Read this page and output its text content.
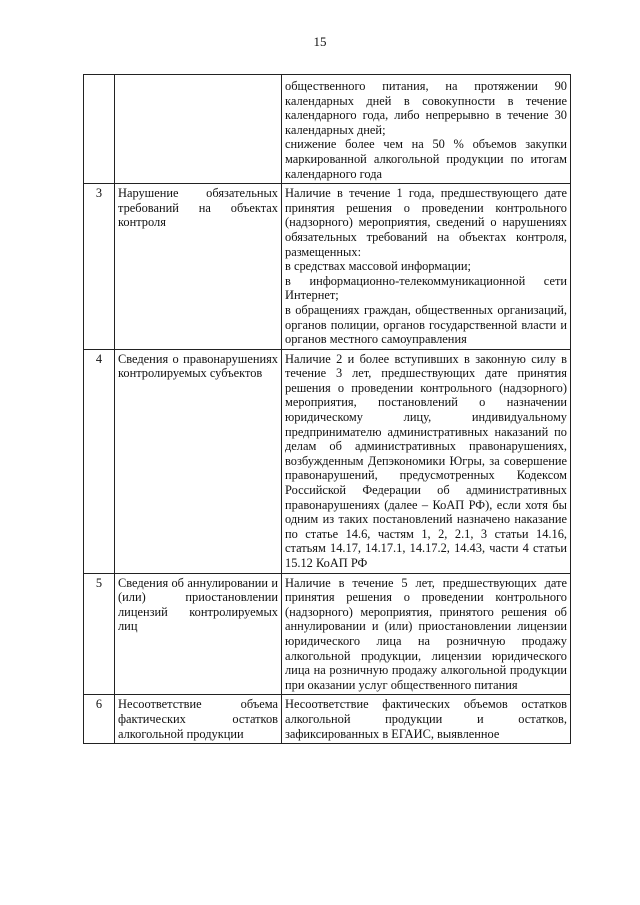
15

		общественного питания, на протяжении 90 календарных дней в совокупности в течение календарного года, либо непрерывно в течение 30 календарных дней;
снижение более чем на 50 % объемов закупки маркированной алкогольной продукции по итогам календарного года

3	Нарушение обязательных требований на объектах контроля	Наличие в течение 1 года, предшествующего дате принятия решения о проведении контрольного (надзорного) мероприятия, сведений о нарушениях обязательных требований на объектах контроля, размещенных:
в средствах массовой информации;
в информационно-телекоммуникационной сети Интернет;
в обращениях граждан, общественных организаций, органов полиции, органов государственной власти и органов местного самоуправления

4	Сведения о правонарушениях контролируемых субъектов	Наличие 2 и более вступивших в законную силу в течение 3 лет, предшествующих дате принятия решения о проведении контрольного (надзорного) мероприятия, постановлений о назначении юридическому лицу, индивидуальному предпринимателю административных наказаний по делам об административных правонарушениях, возбужденным Депэкономики Югры, за совершение правонарушений, предусмотренных Кодексом Российской Федерации об административных правонарушениях (далее – КоАП РФ), если хотя бы одним из таких постановлений назначено наказание по статье 14.6, частям 1, 2, 2.1, 3 статьи 14.16, статьям 14.17, 14.17.1, 14.17.2, 14.43, части 4 статьи 15.12 КоАП РФ

5	Сведения об аннулировании и (или) приостановлении лицензий контролируемых лиц	Наличие в течение 5 лет, предшествующих дате принятия решения о проведении контрольного (надзорного) мероприятия, принятого решения об аннулировании и (или) приостановлении лицензии юридического лица на розничную продажу алкогольной продукции, лицензии юридического лица на розничную продажу алкогольной продукции при оказании услуг общественного питания

6	Несоответствие объема фактических остатков алкогольной продукции	Несоответствие фактических объемов остатков алкогольной продукции и остатков, зафиксированных в ЕГАИС, выявленное
